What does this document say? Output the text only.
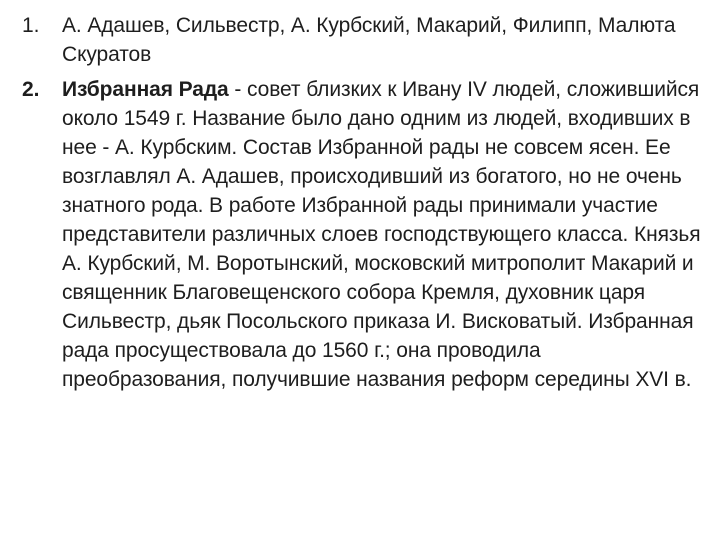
1.	А. Адашев, Сильвестр, А. Курбский, Макарий, Филипп, Малюта Скуратов
2.	Избранная Рада - совет близких к Ивану IV людей, сложившийся около 1549 г. Название было дано одним из людей, входивших в нее - А. Курбским. Состав Избранной рады не совсем ясен. Ее возглавлял А. Адашев, происходивший из богатого, но не очень знатного рода. В работе Избранной рады принимали участие представители различных слоев господствующего класса. Князья А. Курбский, М. Воротынский, московский митрополит Макарий и священник Благовещенского собора Кремля, духовник царя Сильвестр, дьяк Посольского приказа И. Висковатый. Избранная рада просуществовала до 1560 г.; она проводила преобразования, получившие названия реформ середины XVI в.
